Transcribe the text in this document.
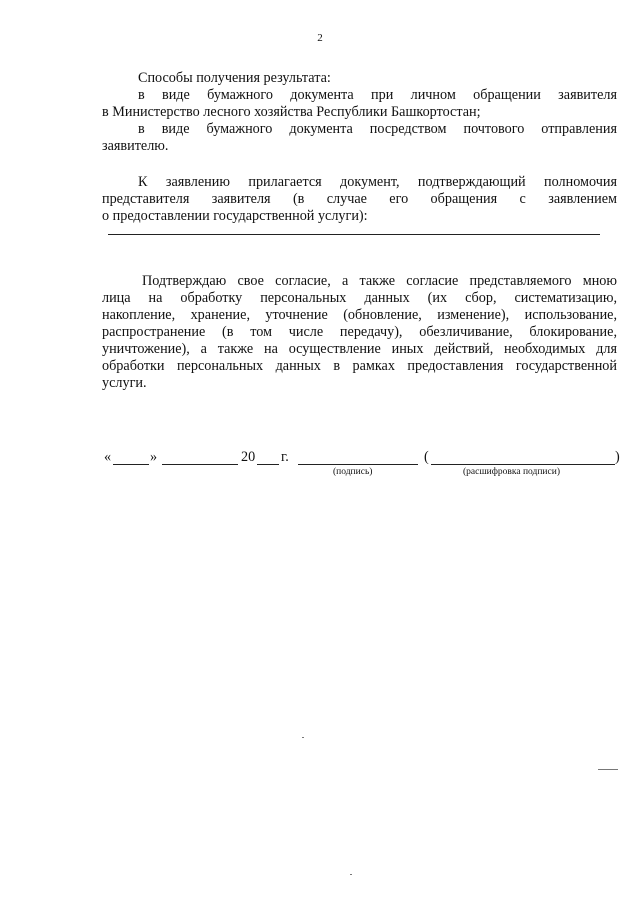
2
Способы получения результата:
в виде бумажного документа при личном обращении заявителя
в Министерство лесного хозяйства Республики Башкортостан;
в виде бумажного документа посредством почтового отправления
заявителю.
К заявлению прилагается документ, подтверждающий полномочия
представителя заявителя (в случае его обращения с заявлением
о предоставлении государственной услуги):
Подтверждаю свое согласие, а также согласие представляемого мною
лица на обработку персональных данных (их сбор, систематизацию,
накопление, хранение, уточнение (обновление, изменение), использование,
распространение (в том числе передачу), обезличивание, блокирование,
уничтожение), а также на осуществление иных действий, необходимых для
обработки персональных данных в рамках предоставления государственной
услуги.
«	»	20 г.	(	)
(подпись)	(расшифровка подписи)
